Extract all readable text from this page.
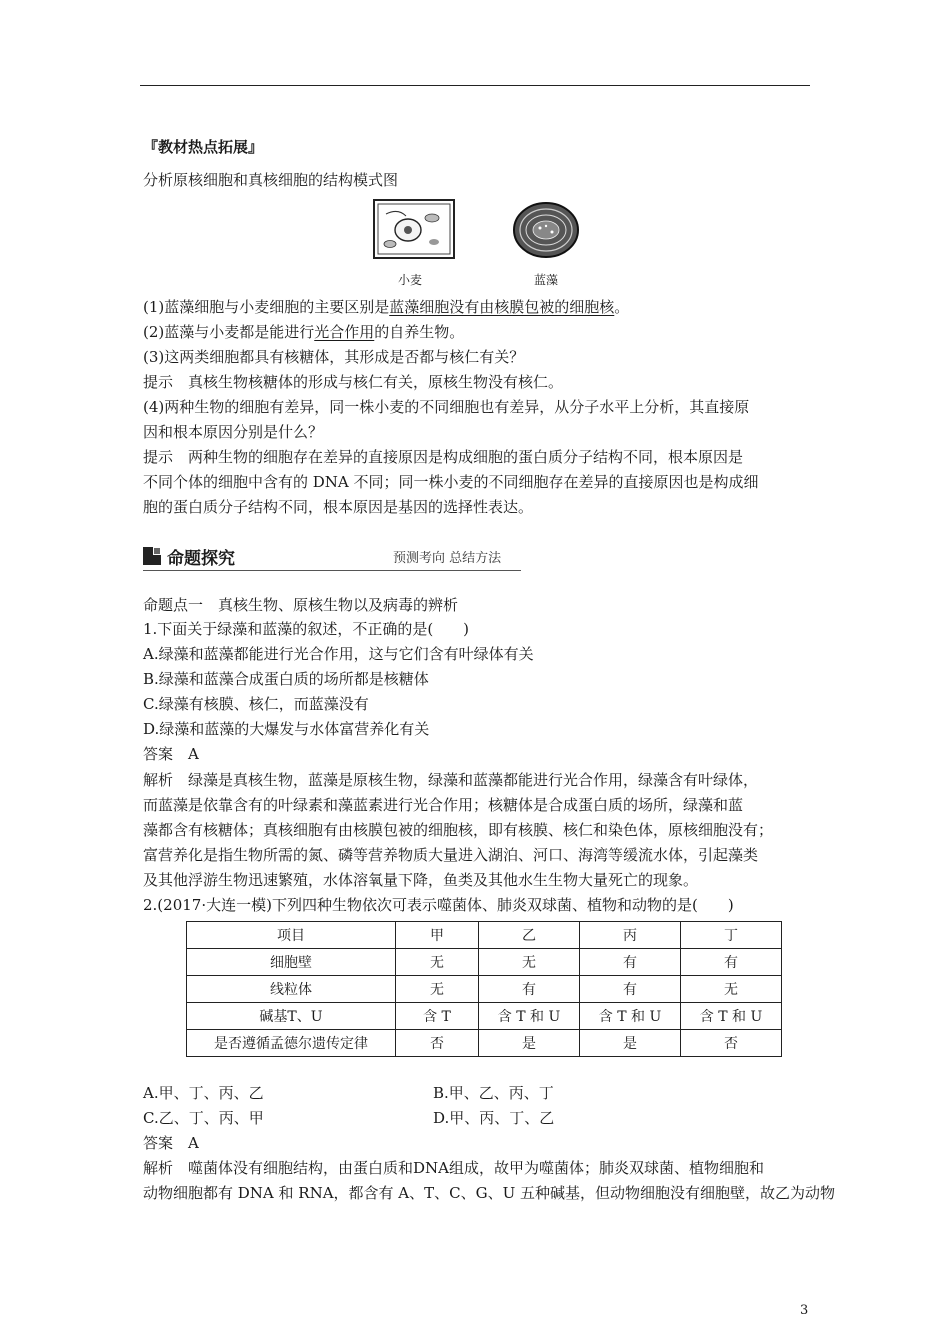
『教材热点拓展』
分析原核细胞和真核细胞的结构模式图
小麦	蓝藻
(1)蓝藻细胞与小麦细胞的主要区别是蓝藻细胞没有由核膜包被的细胞核。
(2)蓝藻与小麦都是能进行光合作用的自养生物。
(3)这两类细胞都具有核糖体，其形成是否都与核仁有关？
提示　真核生物核糖体的形成与核仁有关，原核生物没有核仁。
(4)两种生物的细胞有差异，同一株小麦的不同细胞也有差异，从分子水平上分析，其直接原
因和根本原因分别是什么？
提示　两种生物的细胞存在差异的直接原因是构成细胞的蛋白质分子结构不同，根本原因是
不同个体的细胞中含有的 DNA 不同；同一株小麦的不同细胞存在差异的直接原因也是构成细
胞的蛋白质分子结构不同，根本原因是基因的选择性表达。
命题探究	预测考向 总结方法
命题点一　真核生物、原核生物以及病毒的辨析
1.下面关于绿藻和蓝藻的叙述，不正确的是(　　)
A.绿藻和蓝藻都能进行光合作用，这与它们含有叶绿体有关
B.绿藻和蓝藻合成蛋白质的场所都是核糖体
C.绿藻有核膜、核仁，而蓝藻没有
D.绿藻和蓝藻的大爆发与水体富营养化有关
答案　A
解析　绿藻是真核生物，蓝藻是原核生物，绿藻和蓝藻都能进行光合作用，绿藻含有叶绿体，
而蓝藻是依靠含有的叶绿素和藻蓝素进行光合作用；核糖体是合成蛋白质的场所，绿藻和蓝
藻都含有核糖体；真核细胞有由核膜包被的细胞核，即有核膜、核仁和染色体，原核细胞没有；
富营养化是指生物所需的氮、磷等营养物质大量进入湖泊、河口、海湾等缓流水体，引起藻类
及其他浮游生物迅速繁殖，水体溶氧量下降，鱼类及其他水生生物大量死亡的现象。
2.(2017·大连一模)下列四种生物依次可表示噬菌体、肺炎双球菌、植物和动物的是(　　)
项目	甲	乙	丙	丁
细胞壁	无	无	有	有
线粒体	无	有	有	无
碱基T、U	含 T	含 T 和 U	含 T 和 U	含 T 和 U
是否遵循孟德尔遗传定律	否	是	是	否
A.甲、丁、丙、乙	B.甲、乙、丙、丁
C.乙、丁、丙、甲	D.甲、丙、丁、乙
答案　A
解析　噬菌体没有细胞结构，由蛋白质和DNA组成，故甲为噬菌体；肺炎双球菌、植物细胞和
动物细胞都有 DNA 和 RNA，都含有 A、T、C、G、U 五种碱基，但动物细胞没有细胞壁，故乙为动物
3
